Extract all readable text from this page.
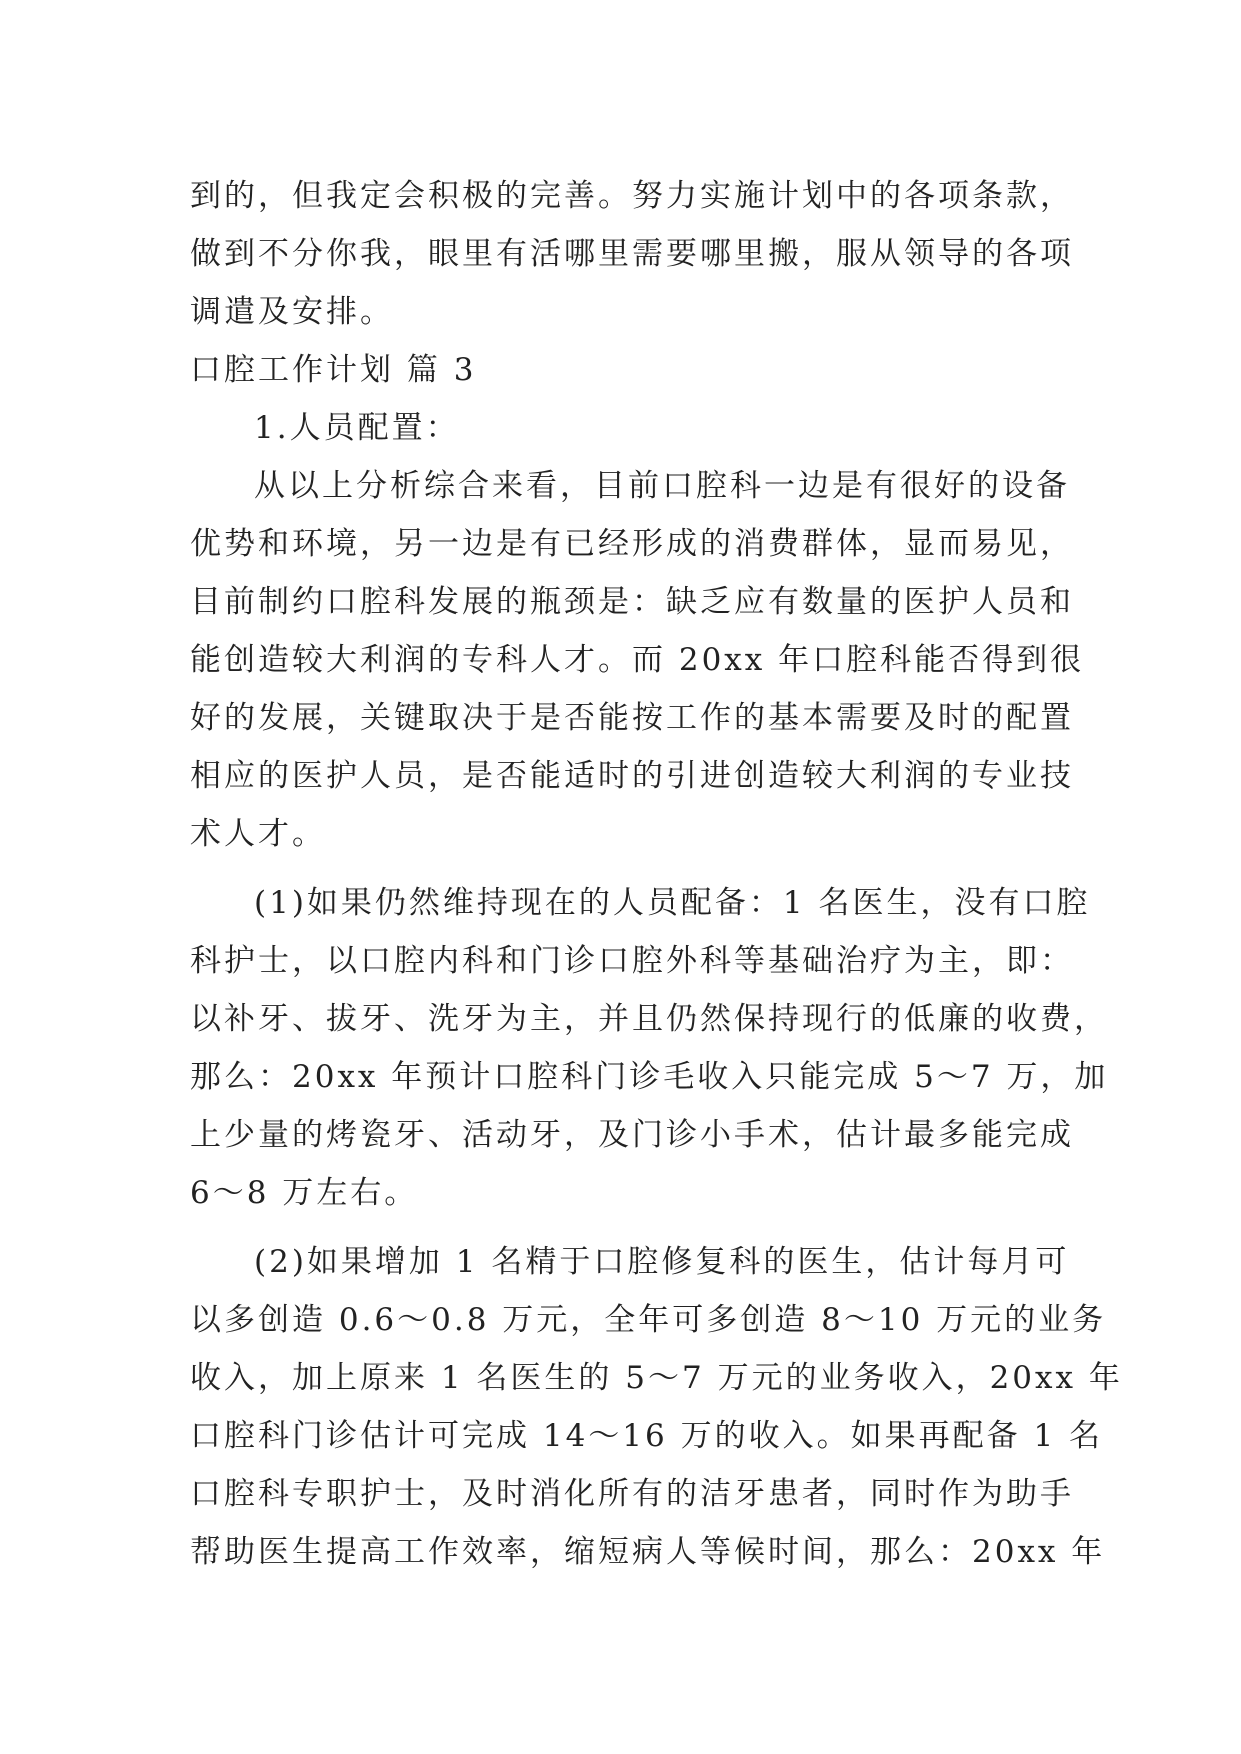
到的，但我定会积极的完善。努力实施计划中的各项条款，
做到不分你我，眼里有活哪里需要哪里搬，服从领导的各项
调遣及安排。
口腔工作计划 篇 3
1.人员配置：
从以上分析综合来看，目前口腔科一边是有很好的设备
优势和环境，另一边是有已经形成的消费群体，显而易见，
目前制约口腔科发展的瓶颈是：缺乏应有数量的医护人员和
能创造较大利润的专科人才。而 20xx 年口腔科能否得到很
好的发展，关键取决于是否能按工作的基本需要及时的配置
相应的医护人员，是否能适时的引进创造较大利润的专业技
术人才。
(1)如果仍然维持现在的人员配备：1 名医生，没有口腔
科护士，以口腔内科和门诊口腔外科等基础治疗为主，即：
以补牙、拔牙、洗牙为主，并且仍然保持现行的低廉的收费，
那么：20xx 年预计口腔科门诊毛收入只能完成 5～7 万，加
上少量的烤瓷牙、活动牙，及门诊小手术，估计最多能完成
6～8 万左右。
(2)如果增加 1 名精于口腔修复科的医生，估计每月可
以多创造 0.6～0.8 万元，全年可多创造 8～10 万元的业务
收入，加上原来 1 名医生的 5～7 万元的业务收入，20xx 年
口腔科门诊估计可完成 14～16 万的收入。如果再配备 1 名
口腔科专职护士，及时消化所有的洁牙患者，同时作为助手
帮助医生提高工作效率，缩短病人等候时间，那么：20xx 年
